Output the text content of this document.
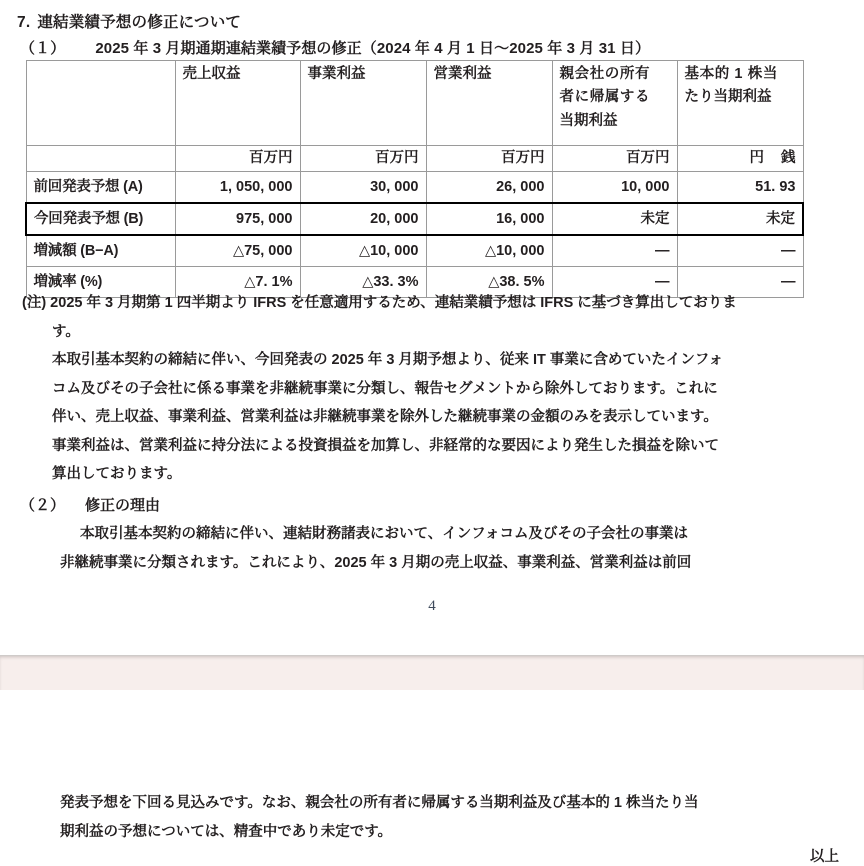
7. 連結業績予想の修正について
（１） 2025 年 3 月期通期連結業績予想の修正（2024 年 4 月 1 日〜2025 年 3 月 31 日）

	売上収益	事業利益	営業利益	親会社の所有
者に帰属する
当期利益	基本的 1 株当
たり当期利益

	百万円	百万円	百万円	百万円	円 銭
前回発表予想 (A)	1, 050, 000	30, 000	26, 000	10, 000	51. 93
今回発表予想 (B)	975, 000	20, 000	16, 000	未定	未定
増減額 (B−A)	△75, 000	△10, 000	△10, 000	—	—
増減率 (%)	△7. 1%	△33. 3%	△38. 5%	—	—
(注) 2025 年 3 月期第 1 四半期より IFRS を任意適用するため、連結業績予想は IFRS に基づき算出しておりま
す。
本取引基本契約の締結に伴い、今回発表の 2025 年 3 月期予想より、従来 IT 事業に含めていたインフォ
コム及びその子会社に係る事業を非継続事業に分類し、報告セグメントから除外しております。これに
伴い、売上収益、事業利益、営業利益は非継続事業を除外した継続事業の金額のみを表示しています。
事業利益は、営業利益に持分法による投資損益を加算し、非経常的な要因により発生した損益を除いて
算出しております。
（２） 修正の理由
本取引基本契約の締結に伴い、連結財務諸表において、インフォコム及びその子会社の事業は
非継続事業に分類されます。これにより、2025 年 3 月期の売上収益、事業利益、営業利益は前回
4
発表予想を下回る見込みです。なお、親会社の所有者に帰属する当期利益及び基本的 1 株当たり当
期利益の予想については、精査中であり未定です。
以上
